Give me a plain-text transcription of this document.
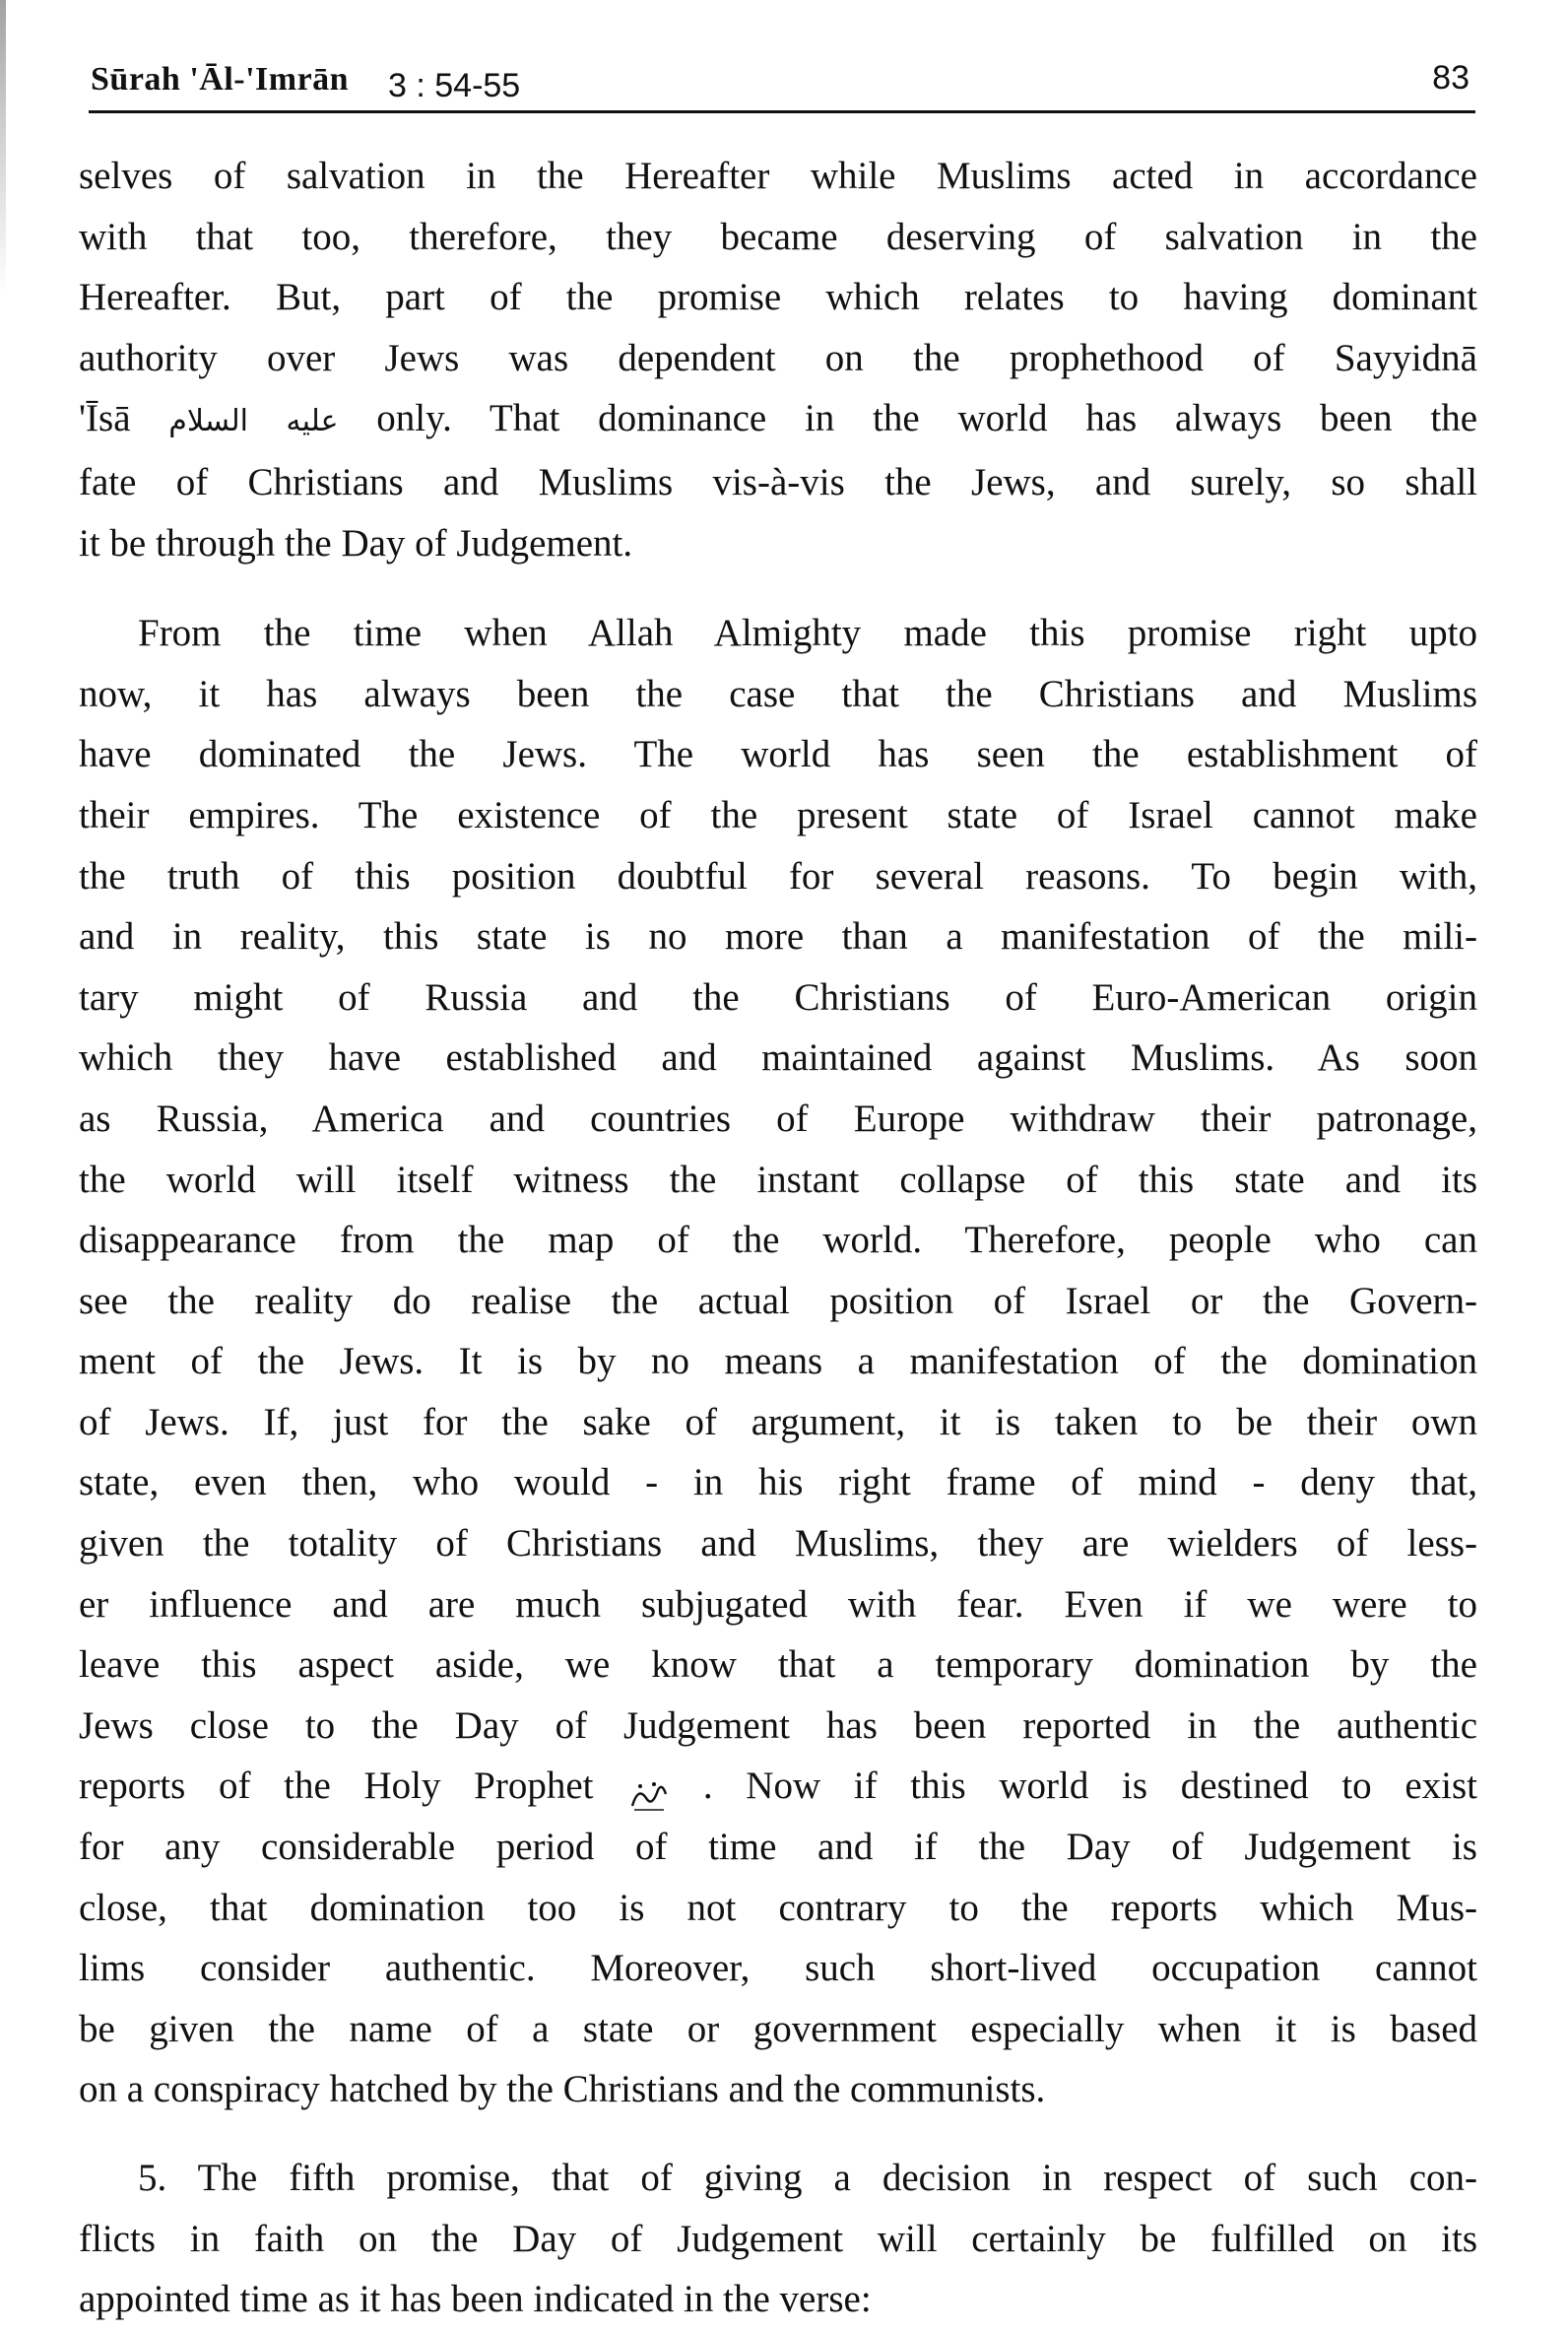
Sūrah 'Āl-'Imrān 3 : 54-55	83

selves of salvation in the Hereafter while Muslims acted in accordance
with that too, therefore, they became deserving of salvation in the
Hereafter. But, part of the promise which relates to having dominant
authority over Jews was dependent on the prophethood of Sayyidnā
'Īsā عليه السلام only. That dominance in the world has always been the
fate of Christians and Muslims vis-à-vis the Jews, and surely, so shall
it be through the Day of Judgement.

From the time when Allah Almighty made this promise right upto
now, it has always been the case that the Christians and Muslims
have dominated the Jews. The world has seen the establishment of
their empires. The existence of the present state of Israel cannot make
the truth of this position doubtful for several reasons. To begin with,
and in reality, this state is no more than a manifestation of the mili-
tary might of Russia and the Christians of Euro-American origin
which they have established and maintained against Muslims. As soon
as Russia, America and countries of Europe withdraw their patronage,
the world will itself witness the instant collapse of this state and its
disappearance from the map of the world. Therefore, people who can
see the reality do realise the actual position of Israel or the Govern-
ment of the Jews. It is by no means a manifestation of the domination
of Jews. If, just for the sake of argument, it is taken to be their own
state, even then, who would - in his right frame of mind - deny that,
given the totality of Christians and Muslims, they are wielders of less-
er influence and are much subjugated with fear. Even if we were to
leave this aspect aside, we know that a temporary domination by the
Jews close to the Day of Judgement has been reported in the authentic
reports of the Holy Prophet	. Now if this world is destined to exist
for any considerable period of time and if the Day of Judgement is
close, that domination too is not contrary to the reports which Mus-
lims consider authentic. Moreover, such short-lived occupation cannot
be given the name of a state or government especially when it is based
on a conspiracy hatched by the Christians and the communists.

5. The fifth promise, that of giving a decision in respect of such con-
flicts in faith on the Day of Judgement will certainly be fulfilled on its
appointed time as it has been indicated in the verse:
